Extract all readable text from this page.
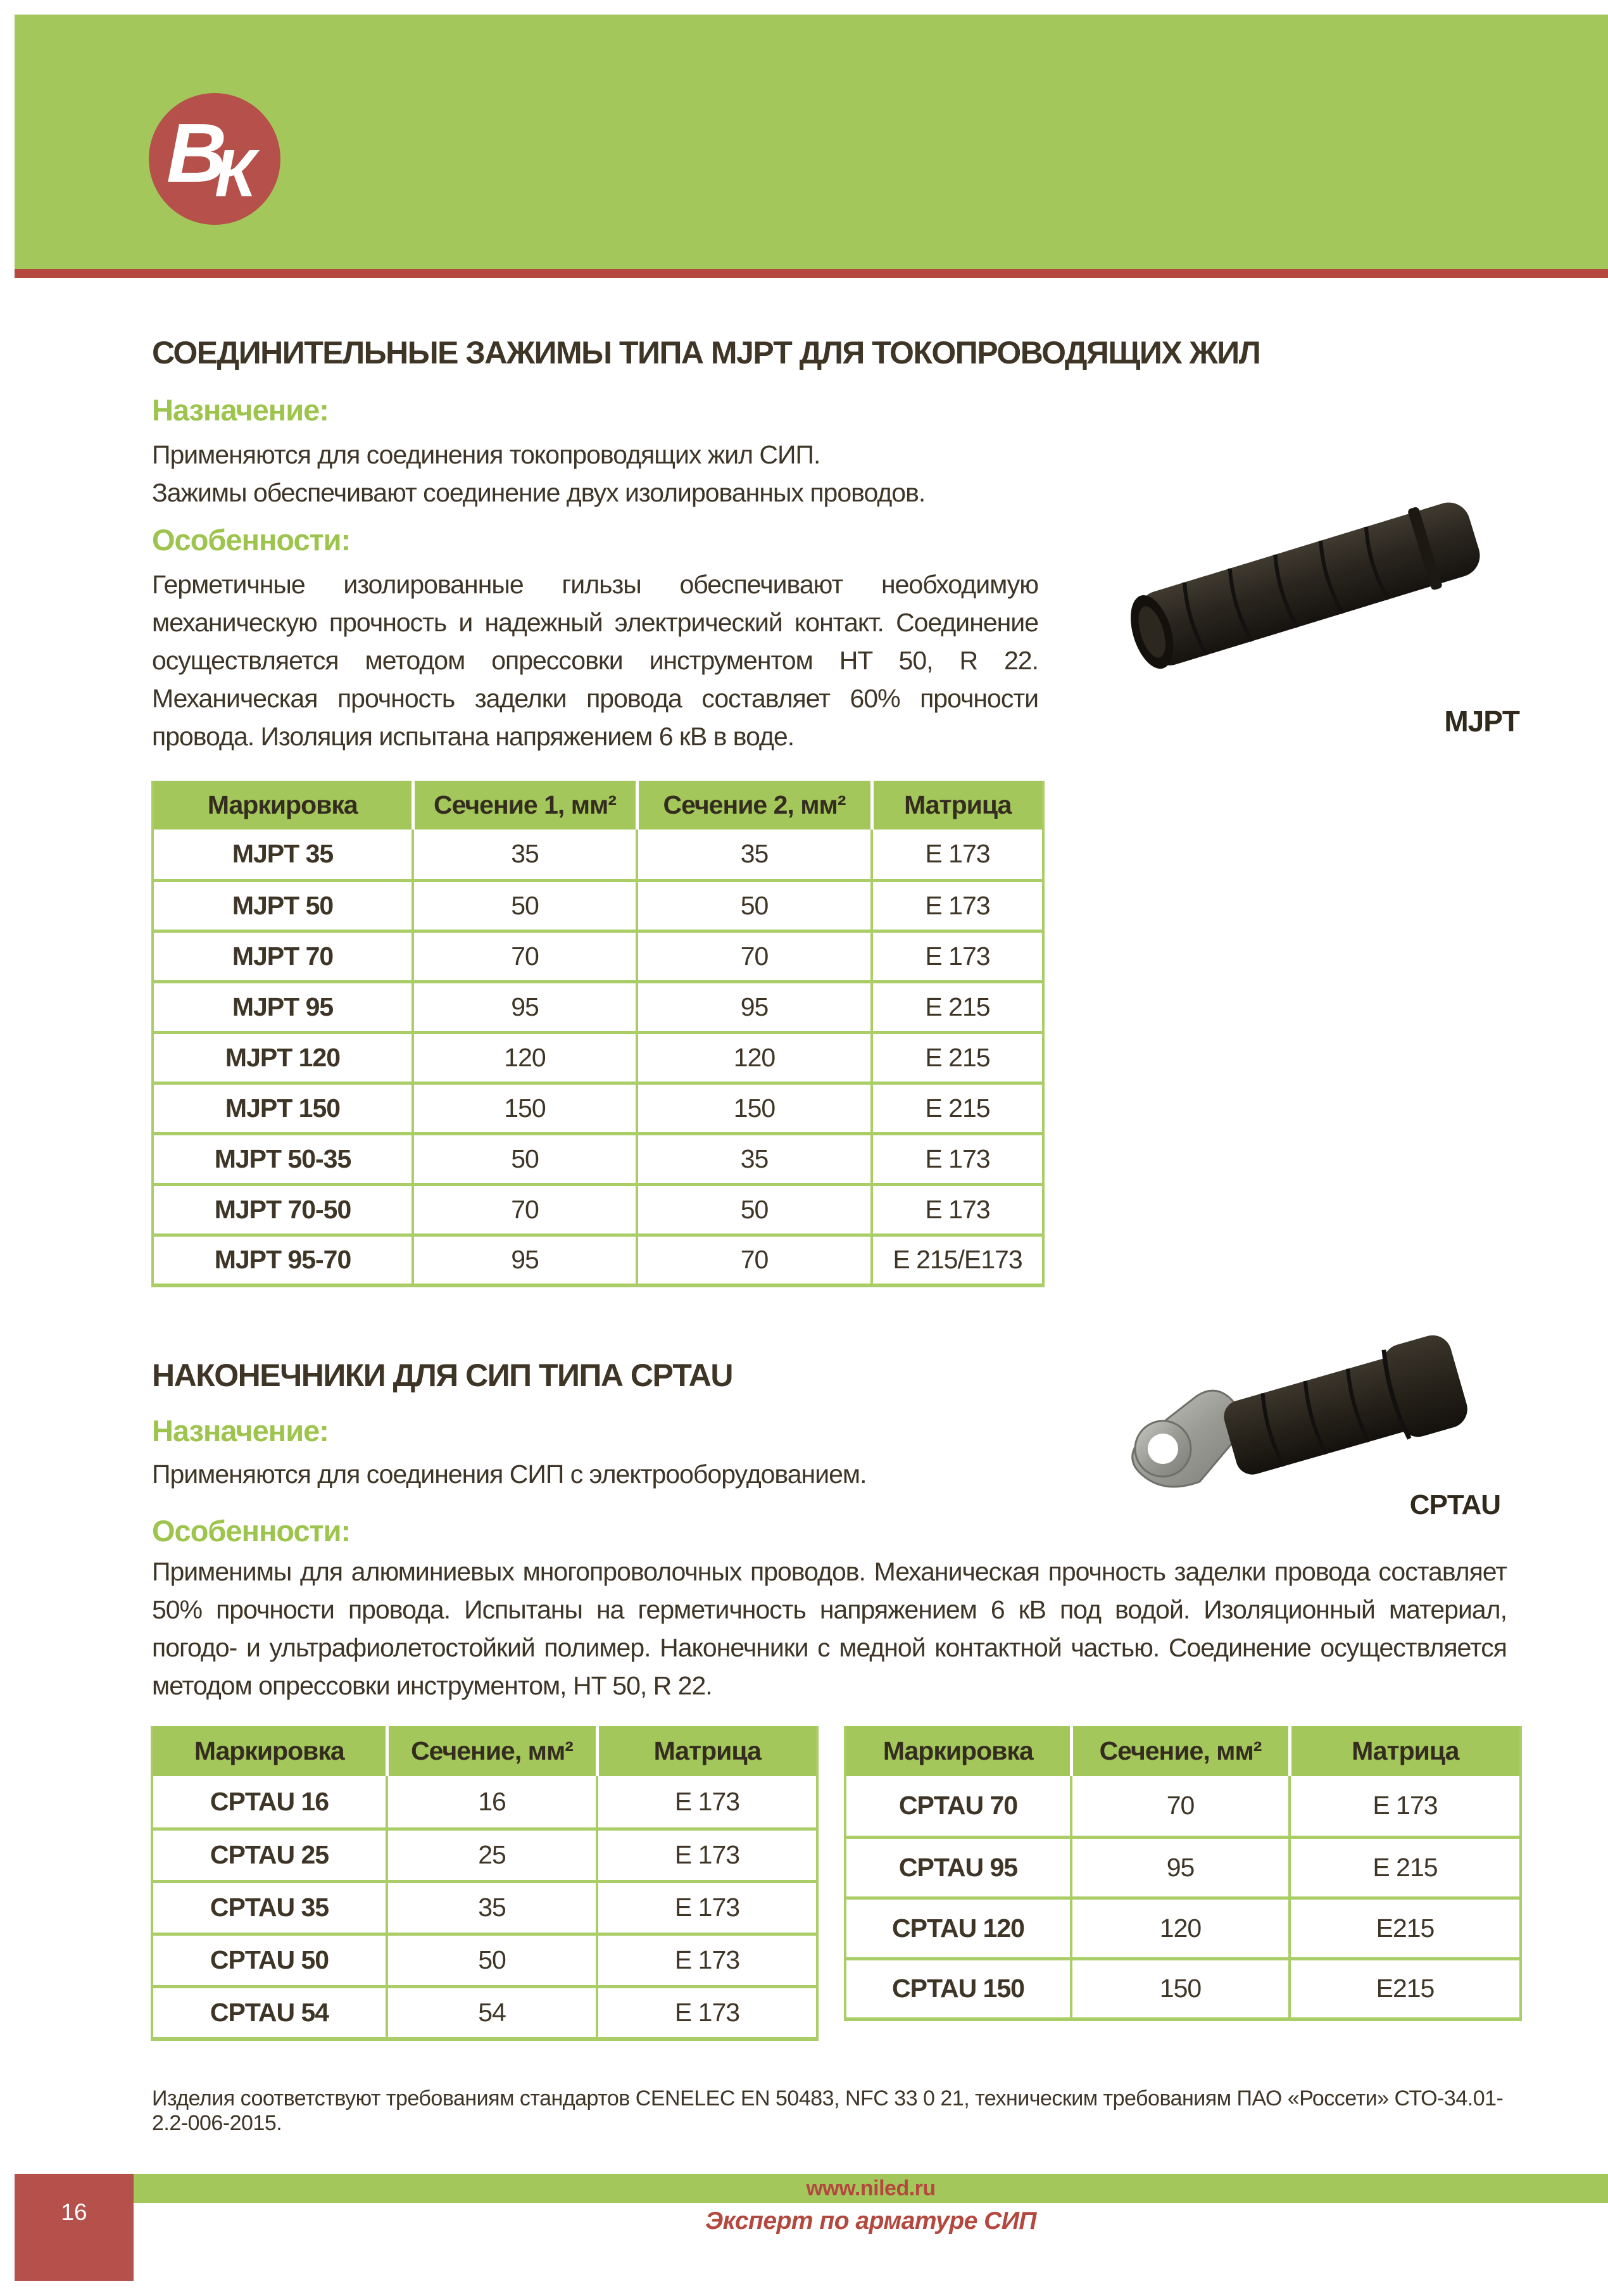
В
К
СОЕДИНИТЕЛЬНЫЕ ЗАЖИМЫ ТИПА MJPT ДЛЯ ТОКОПРОВОДЯЩИХ ЖИЛ
Назначение:
Применяются для соединения токопроводящих жил СИП.
Зажимы обеспечивают соединение двух изолированных проводов.
Особенности:
Герметичные изолированные гильзы обеспечивают необходимую механическую прочность и надежный электрический контакт. Соединение осуществляется методом опрессовки инструментом HT 50, R 22. Механическая прочность заделки провода составляет 60% прочности провода. Изоляция испытана напряжением 6 кВ в воде.	MJPT
Маркировка	Сечение 1, мм²	Сечение 2, мм²	Матрица
MJPT 35	35	35	E 173
MJPT 50	50	50	E 173
MJPT 70	70	70	E 173
MJPT 95	95	95	E 215
MJPT 120	120	120	E 215
MJPT 150	150	150	E 215
MJPT 50-35	50	35	E 173
MJPT 70-50	70	50	E 173
MJPT 95-70	95	70	E 215/E173
НАКОНЕЧНИКИ ДЛЯ СИП ТИПА CPTAU
Назначение:
Применяются для соединения СИП с электрооборудованием.
Особенности:
Применимы для алюминиевых многопроволочных проводов. Механическая прочность заделки провода составляет 50% прочности провода. Испытаны на герметичность напряжением 6 кВ под водой. Изоляционный материал, погодо- и ультрафиолетостойкий полимер. Наконечники с медной контактной частью. Соединение осуществляется методом опрессовки инструментом, HT 50, R 22.
CPTAU
Маркировка	Сечение, мм²	Матрица
CPTAU 16	16	E 173
CPTAU 25	25	E 173
CPTAU 35	35	E 173
CPTAU 50	50	E 173
CPTAU 54	54	E 173
Маркировка	Сечение, мм²	Матрица
CPTAU 70	70	E 173
CPTAU 95	95	E 215
CPTAU 120	120	E215
CPTAU 150	150	E215
Изделия соответствуют требованиям стандартов CENELEC EN 50483, NFC 33 0 21, техническим требованиям ПАО «Россети» СТО-34.01-2.2-006-2015.
16
www.niled.ru
Эксперт по арматуре СИП
